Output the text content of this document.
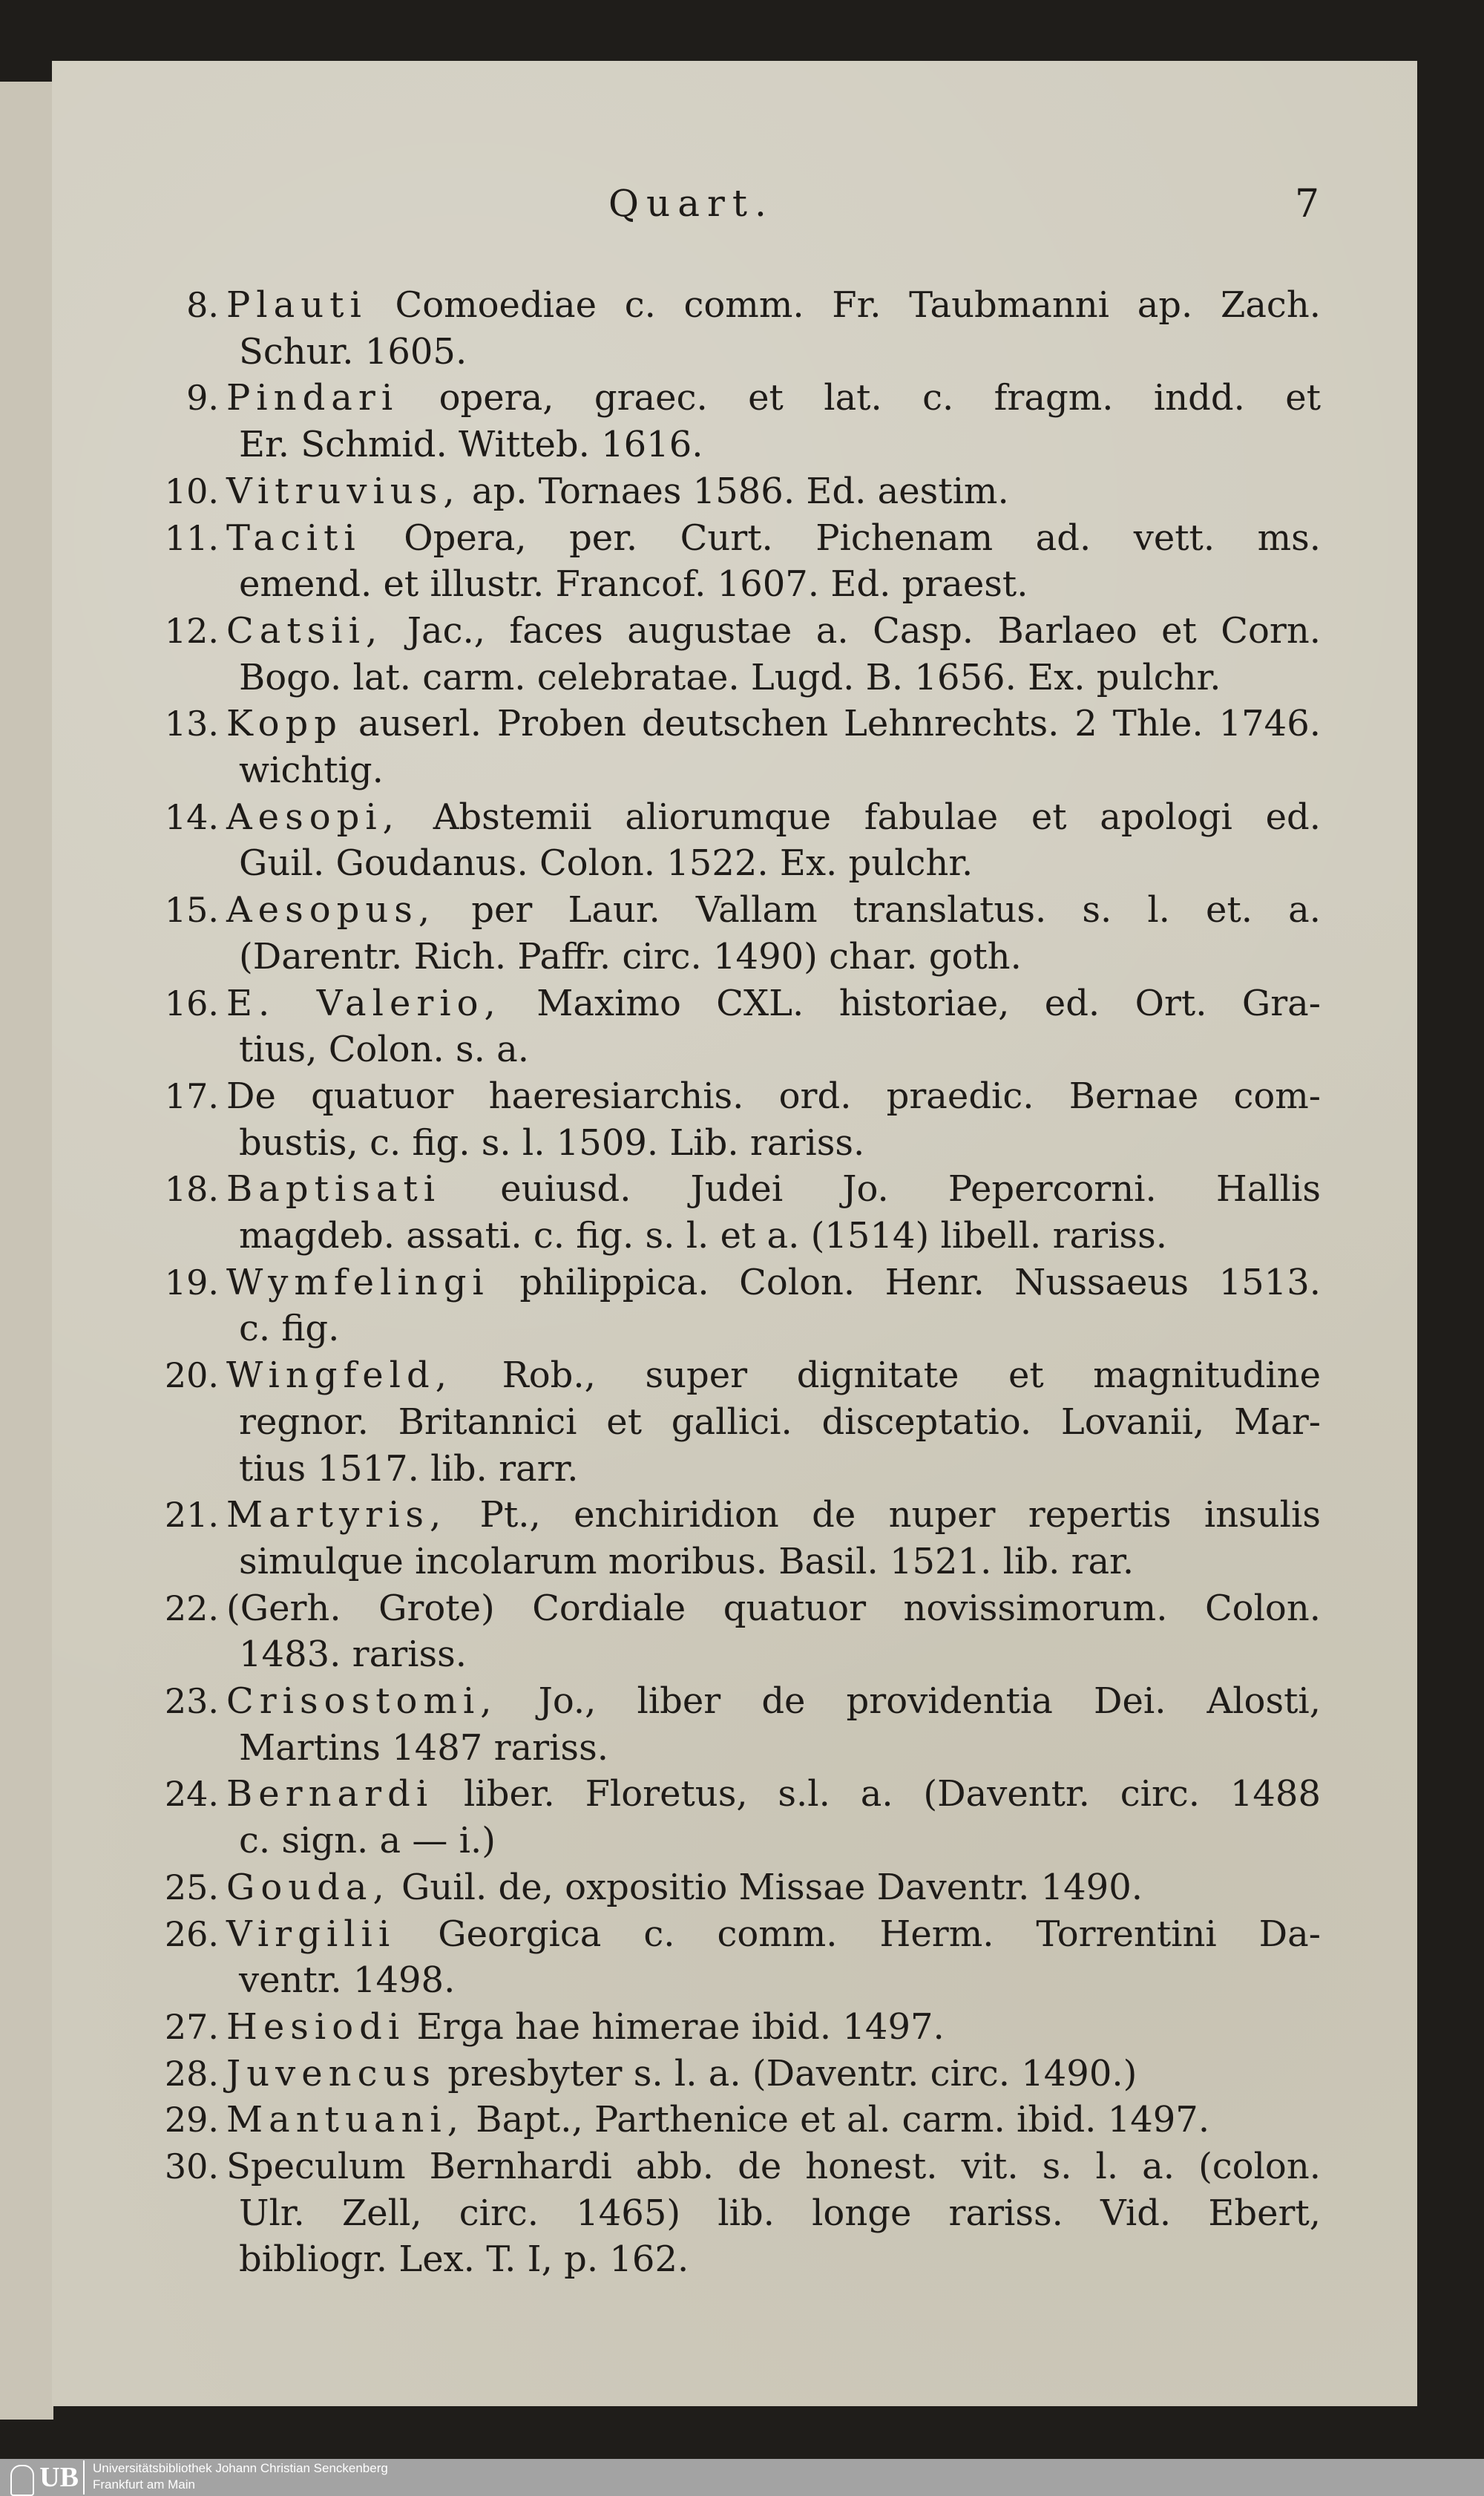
Quart.	7
8. Plauti Comoediae c. comm. Fr. Taubmanni ap. Zach.
Schur. 1605.
9. Pindari opera, graec. et lat. c. fragm. indd. et
Er. Schmid. Witteb. 1616.
10. Vitruvius, ap. Tornaes 1586. Ed. aestim.
11. Taciti Opera, per. Curt. Pichenam ad. vett. ms.
emend. et illustr. Francof. 1607. Ed. praest.
12. Catsii, Jac., faces augustae a. Casp. Barlaeo et Corn.
Bogo. lat. carm. celebratae. Lugd. B. 1656. Ex. pulchr.
13. Kopp auserl. Proben deutschen Lehnrechts. 2 Thle. 1746.
wichtig.
14. Aesopi, Abstemii aliorumque fabulae et apologi ed.
Guil. Goudanus. Colon. 1522. Ex. pulchr.
15. Aesopus, per Laur. Vallam translatus. s. l. et. a.
(Darentr. Rich. Paffr. circ. 1490) char. goth.
16. E. Valerio, Maximo CXL. historiae, ed. Ort. Gra-
tius, Colon. s. a.
17. De quatuor haeresiarchis. ord. praedic. Bernae com-
bustis, c. fig. s. l. 1509. Lib. rariss.
18. Baptisati euiusd. Judei Jo. Pepercorni. Hallis
magdeb. assati. c. fig. s. l. et a. (1514) libell. rariss.
19. Wymfelingi philippica. Colon. Henr. Nussaeus 1513.
c. fig.
20. Wingfeld, Rob., super dignitate et magnitudine
regnor. Britannici et gallici. disceptatio. Lovanii, Mar-
tius 1517. lib. rarr.
21. Martyris, Pt., enchiridion de nuper repertis insulis
simulque incolarum moribus. Basil. 1521. lib. rar.
22. (Gerh. Grote) Cordiale quatuor novissimorum. Colon.
1483. rariss.
23. Crisostomi, Jo., liber de providentia Dei. Alosti,
Martins 1487 rariss.
24. Bernardi liber. Floretus, s.l. a. (Daventr. circ. 1488
c. sign. a — i.)
25. Gouda, Guil. de, oxpositio Missae Daventr. 1490.
26. Virgilii Georgica c. comm. Herm. Torrentini Da-
ventr. 1498.
27. Hesiodi Erga hae himerae ibid. 1497.
28. Juvencus presbyter s. l. a. (Daventr. circ. 1490.)
29. Mantuani, Bapt., Parthenice et al. carm. ibid. 1497.
30. Speculum Bernhardi abb. de honest. vit. s. l. a. (colon.
Ulr. Zell, circ. 1465) lib. longe rariss. Vid. Ebert,
bibliogr. Lex. T. I, p. 162.
UB Universitätsbibliothek Johann Christian Senckenberg
Frankfurt am Main
